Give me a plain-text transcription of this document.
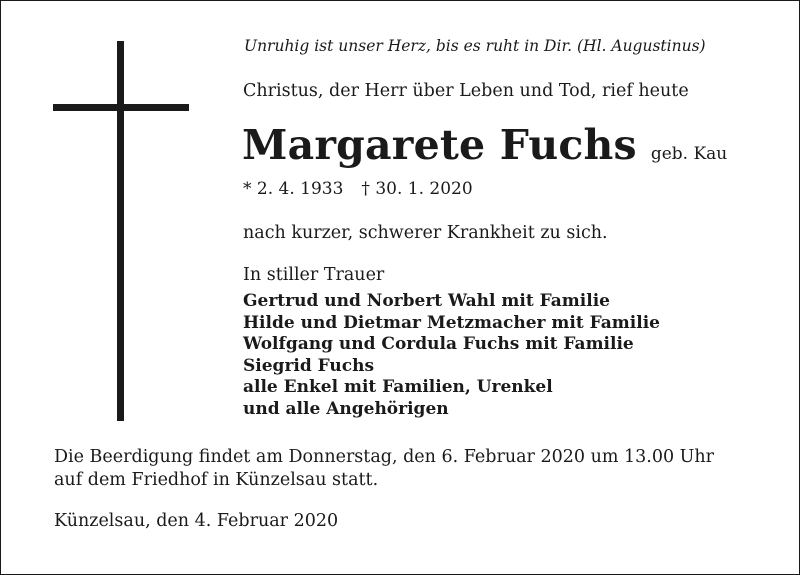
Unruhig ist unser Herz, bis es ruht in Dir. (Hl. Augustinus)
Christus, der Herr über Leben und Tod, rief heute
Margarete Fuchs geb. Kau
* 2. 4. 1933 † 30. 1. 2020
nach kurzer, schwerer Krankheit zu sich.
In stiller Trauer
Gertrud und Norbert Wahl mit Familie
Hilde und Dietmar Metzmacher mit Familie
Wolfgang und Cordula Fuchs mit Familie
Siegrid Fuchs
alle Enkel mit Familien, Urenkel
und alle Angehörigen
Die Beerdigung findet am Donnerstag, den 6. Februar 2020 um 13.00 Uhr auf dem Friedhof in Künzelsau statt.
Künzelsau, den 4. Februar 2020
